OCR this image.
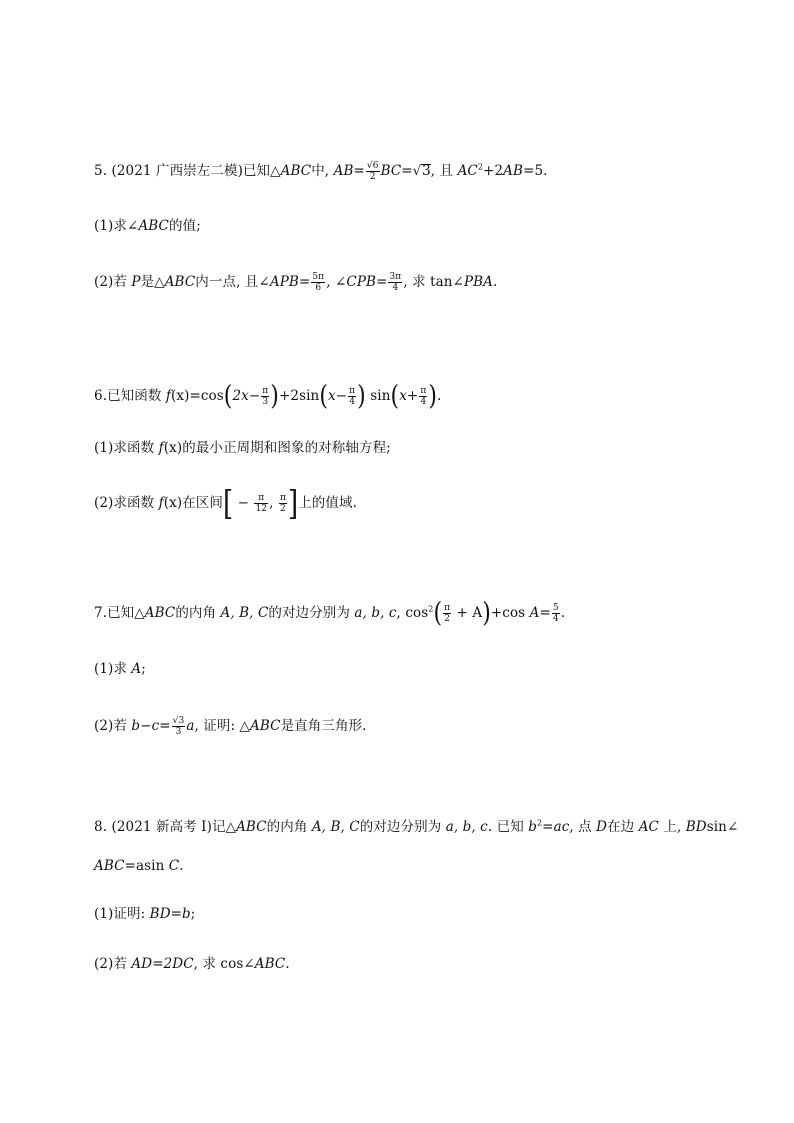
5. (2021 广西崇左二模)已知△ABC中, $AB= \frac{√6}{2} BC=√3$, 且 $AC^2+2AB=5$.
(1)求∠ABC的值;
(2)若 P是△ABC内一点, 且∠APB= $\frac{5\pi}{6}$ , ∠CPB= $\frac{3\pi}{4}$ , 求 tan∠PBA.
6.已知函数 $f(x)=\cos(2x- \frac{\pi}{3} )+2\sin(x- \frac{\pi}{4}$ ) $\sin(x+ \frac{\pi}{4}$ ).
(1)求函数 f(x)的最小正周期和图象的对称轴方程;
(2)求函数 f(x)在区间[ − $\frac{\pi}{12}$ , $\frac{\pi}{2}$ ]上的值域.
7.已知△ABC的内角 A, B, C的对边分别为 a, b, c, $\cos^2( \frac{\pi}{2} + A)+\cos$ $A= \frac{5}{4}$ .
(1)求 A;
(2)若 $b-c= \frac{√3}{3} a$, 证明: △ABC是直角三角形.
8. (2021 新高考 Ⅰ)记△ABC的内角 A, B, C的对边分别为 a, b, c. 已知 $b^2=ac$, 点 D在边 AC 上, BDsin∠
ABC=asin C.
(1)证明: BD=b;
(2)若 AD=2DC, 求 cos∠ABC.
